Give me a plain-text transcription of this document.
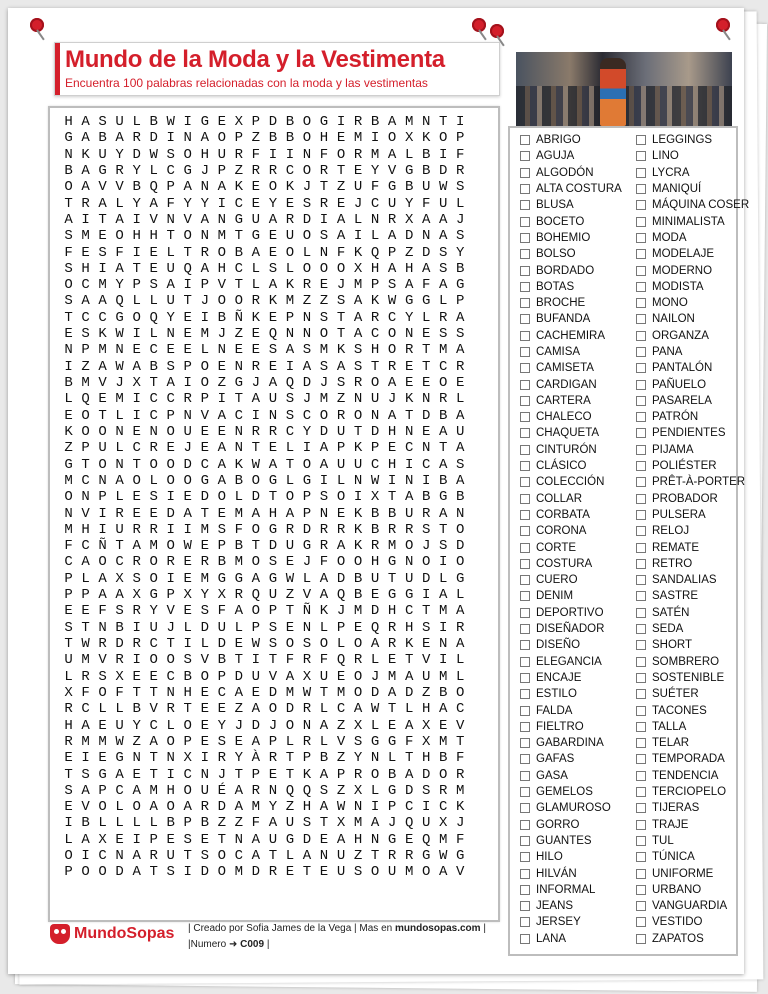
Mundo de la Moda y la Vestimenta
Encuentra 100 palabras relacionadas con la moda y las vestimentas
H A S U L B W I G E X P D B O G I R B A M N T I
G A B A R D I N A O P Z B B O H E M I O X K O P
N K U Y D W S O H U R F I I N F O R M A L B I F
B A G R Y L C G J P Z R R C O R T E Y V G B D R
O A V V B Q P A N A K E O K J T Z U F G B U W S
T R A L Y A F Y Y I C E Y E S R E J C U Y F U L
A I T A I V N V A N G U A R D I A L N R X A A J
S M E O H H T O N M T G E U O S A I L A D N A S
F E S F I E L T R O B A E O L N F K Q P Z D S Y
S H I A T E U Q A H C L S L O O O X H A H A S B
O C M Y P S A I P V T L A K R E J M P S A F A G
S A A Q L L U T J O O R K M Z Z S A K W G G L P
T C C G O Q Y E I B Ñ K E P N S T A R C Y L R A
E S K W I L N E M J Z E Q N N O T A C O N E S S
N P M N E C E E L N E E S A S M K S H O R T M A
I Z A W A B S P O E N R E I A S A S T R E T C R
B M V J X T A I O Z G J A Q D J S R O A E E O E
L Q E M I C C R P I T A U S J M Z N U J K N R L
E O T L I C P N V A C I N S C O R O N A T D B A
K O O N E N O U E E N R R C Y D U T D H N E A U
Z P U L C R E J E A N T E L I A P K P E C N T A
G T O N T O O D C A K W A T O A U U C H I C A S
M C N A O L O O G A B O G L G I L N W I N I B A
O N P L E S I E D O L D T O P S O I X T A B G B
N V I R E E D A T E M A H A P N E K B B U R A N
M H I U R R I I M S F O G R D R R K B R R S T O
F C Ñ T A M O W E P B T D U G R A K R M O J S D
C A O C R O R E R B M O S E J F O O H G N O I O
P L A X S O I E M G G A G W L A D B U T U D L G
P P A A X G P X Y X R Q U Z V A Q B E G G I A L
E E F S R Y V E S F A O P T Ñ K J M D H C T M A
S T N B I U J L D U L P S E N L P E Q R H S I R
T W R D R C T I L D E W S O S O L O A R K E N A
U M V R I O O S V B T I T F R F Q R L E T V I L
L R S X E E C B O P D U V A X U E O J M A U M L
X F O F T T N H E C A E D M W T M O D A D Z B O
R C L L B V R T E E Z A O D R L C A W T L H A C
H A E U Y C L O E Y J D J O N A Z X L E A X E V
R M M W Z A O P E S E A P L R L V S G G F X M T
E I E G N T N X I R Y À R T P B Z Y N L T H B F
T S G A E T I C N J T P E T K A P R O B A D O R
S A P C A M H O U É A R N Q Q S Z X L G D S R M
E V O L O A O A R D A M Y Z H A W N I P C I C K
I B L L L L B P B Z Z F A U S T X M A J Q U X J
L A X E I P E S E T N A U G D E A H N G E Q M F
O I C N A R U T S O C A T L A N U Z T R R G W G
P O O D A T S I D O M D R E T E U S O U M O A V
ABRIGO
AGUJA
ALGODÓN
ALTA COSTURA
BLUSA
BOCETO
BOHEMIO
BOLSO
BORDADO
BOTAS
BROCHE
BUFANDA
CACHEMIRA
CAMISA
CAMISETA
CARDIGAN
CARTERA
CHALECO
CHAQUETA
CINTURÓN
CLÁSICO
COLECCIÓN
COLLAR
CORBATA
CORONA
CORTE
COSTURA
CUERO
DENIM
DEPORTIVO
DISEÑADOR
DISEÑO
ELEGANCIA
ENCAJE
ESTILO
FALDA
FIELTRO
GABARDINA
GAFAS
GASA
GEMELOS
GLAMUROSO
GORRO
GUANTES
HILO
HILVÁN
INFORMAL
JEANS
JERSEY
LANA
LEGGINGS
LINO
LYCRA
MANIQUÍ
MÁQUINA COSER
MINIMALISTA
MODA
MODELAJE
MODERNO
MODISTA
MONO
NAILON
ORGANZA
PANA
PANTALÓN
PAÑUELO
PASARELA
PATRÓN
PENDIENTES
PIJAMA
POLIÉSTER
PRÊT-À-PORTER
PROBADOR
PULSERA
RELOJ
REMATE
RETRO
SANDALIAS
SASTRE
SATÉN
SEDA
SHORT
SOMBRERO
SOSTENIBLE
SUÉTER
TACONES
TALLA
TELAR
TEMPORADA
TENDENCIA
TERCIOPELO
TIJERAS
TRAJE
TUL
TÚNICA
UNIFORME
URBANO
VANGUARDIA
VESTIDO
ZAPATOS
MundoSopas | Creado por Sofia James de la Vega | Mas en mundosopas.com |
|Numero ➜ C009 |
